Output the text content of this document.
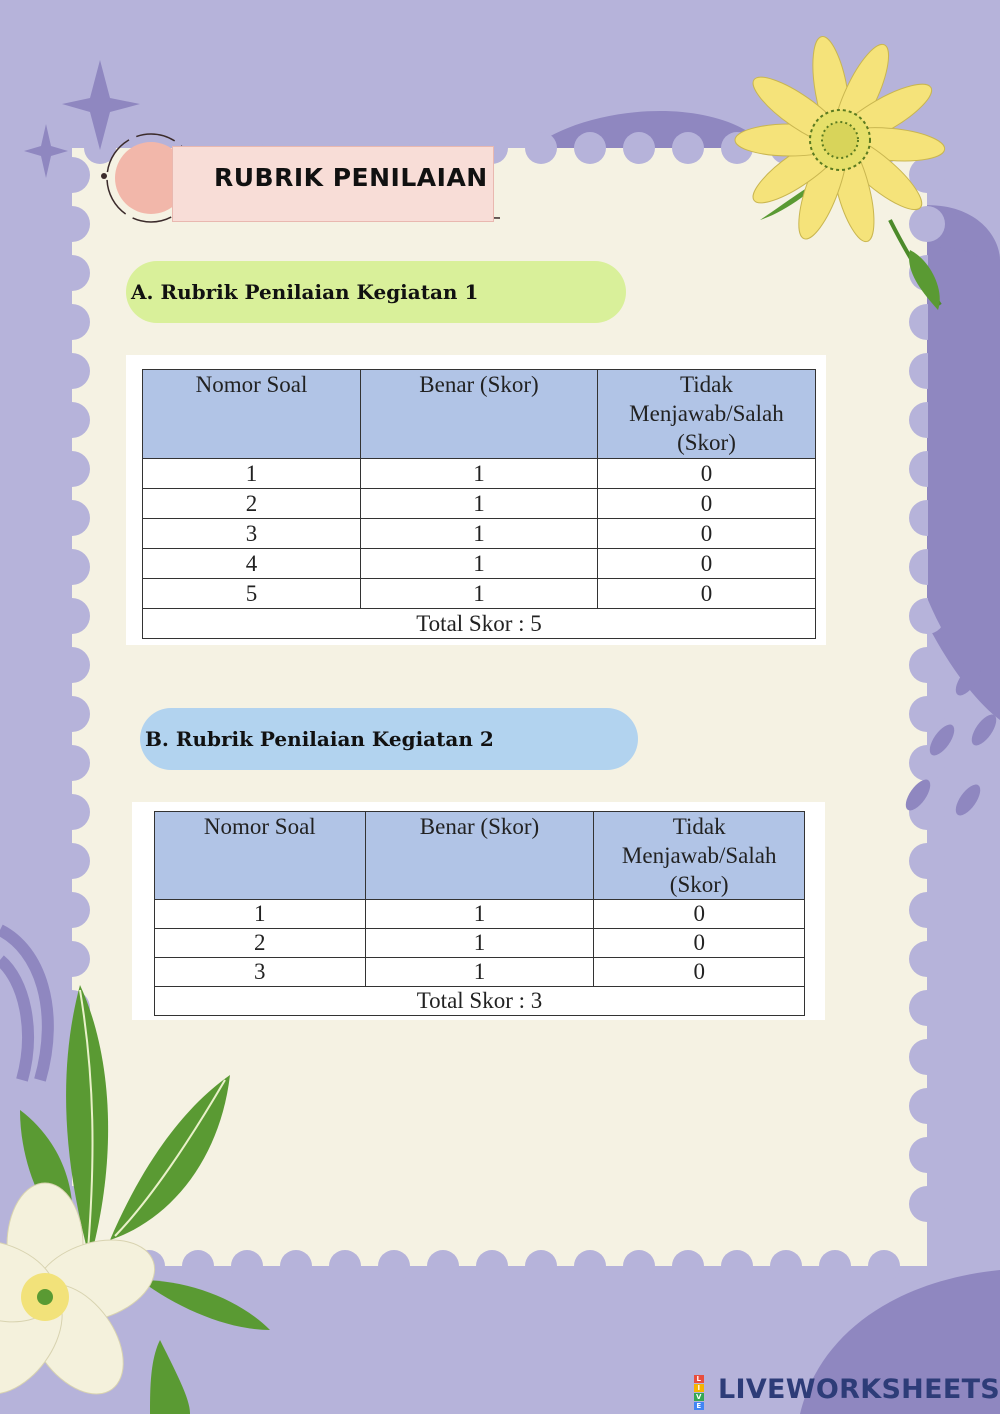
RUBRIK PENILAIAN
A. Rubrik Penilaian Kegiatan 1
Nomor Soal	Benar (Skor)	Tidak
Menjawab/Salah
(Skor)

1	1	0
2	1	0
3	1	0
4	1	0
5	1	0
Total Skor : 5		
B. Rubrik Penilaian Kegiatan 2
Nomor Soal	Benar (Skor)	Tidak
Menjawab/Salah
(Skor)

1	1	0
2	1	0
3	1	0
Total Skor : 3		
L
I
V
E
LIVEWORKSHEETS
